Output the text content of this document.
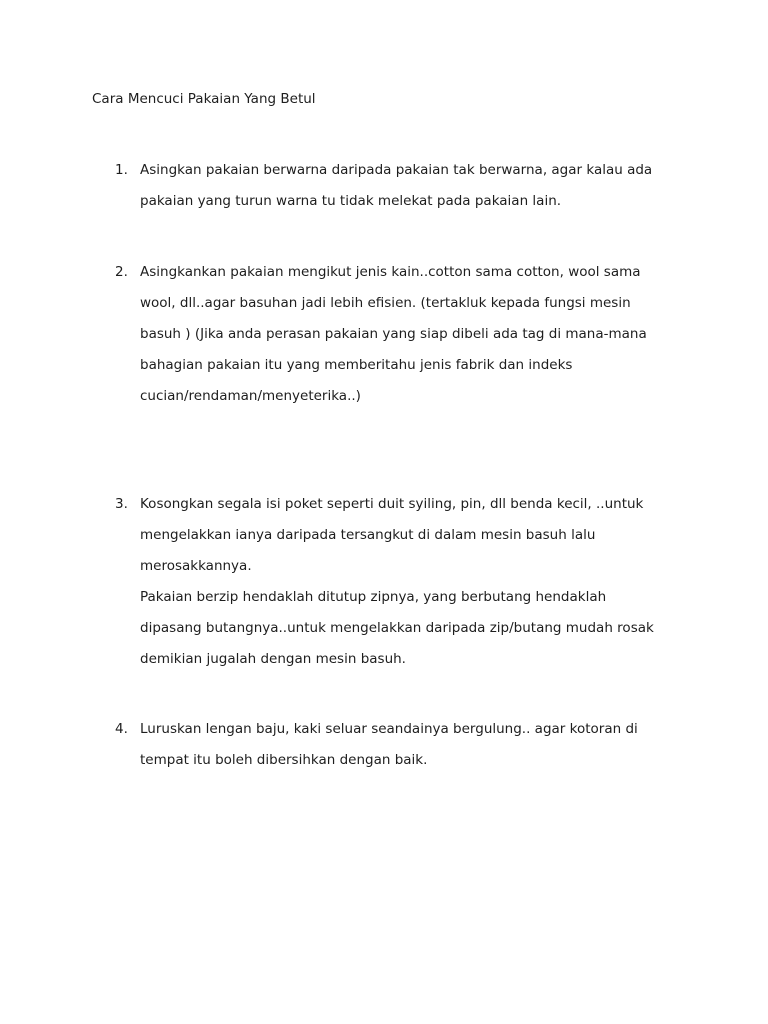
Cara Mencuci Pakaian Yang Betul
1. Asingkan pakaian berwarna daripada pakaian tak berwarna, agar kalau ada
pakaian yang turun warna tu tidak melekat pada pakaian lain.
2. Asingkankan pakaian mengikut jenis kain..cotton sama cotton, wool sama
wool, dll..agar basuhan jadi lebih efisien. (tertakluk kepada fungsi mesin
basuh ) (Jika anda perasan pakaian yang siap dibeli ada tag di mana-mana
bahagian pakaian itu yang memberitahu jenis fabrik dan indeks
cucian/rendaman/menyeterika..)
3. Kosongkan segala isi poket seperti duit syiling, pin, dll benda kecil, ..untuk
mengelakkan ianya daripada tersangkut di dalam mesin basuh lalu
merosakkannya.
Pakaian berzip hendaklah ditutup zipnya, yang berbutang hendaklah
dipasang butangnya..untuk mengelakkan daripada zip/butang mudah rosak
demikian jugalah dengan mesin basuh.
4. Luruskan lengan baju, kaki seluar seandainya bergulung.. agar kotoran di
tempat itu boleh dibersihkan dengan baik.
